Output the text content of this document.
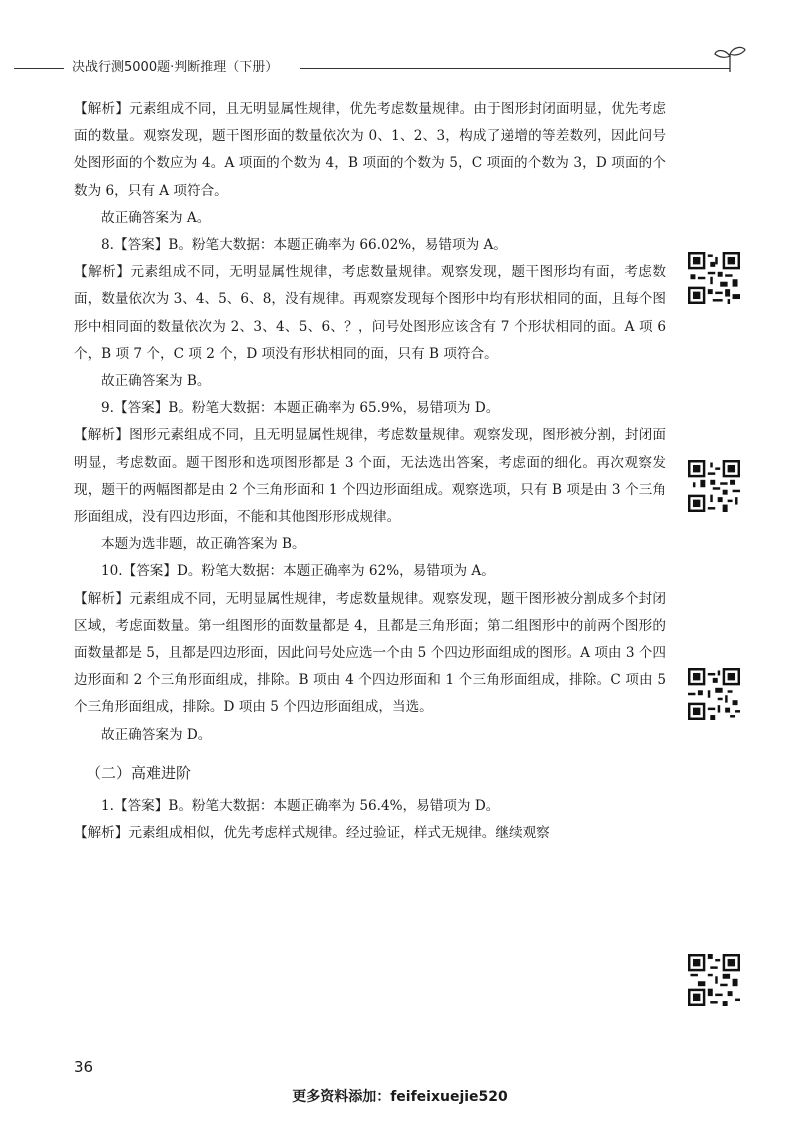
决战行测5000题·判断推理（下册）

【解析】元素组成不同，且无明显属性规律，优先考虑数量规律。由于图形封闭面明显，优先考虑面的数量。观察发现，题干图形面的数量依次为 0、1、2、3，构成了递增的等差数列，因此问号处图形面的个数应为 4。A 项面的个数为 4，B 项面的个数为 5，C 项面的个数为 3，D 项面的个数为 6，只有 A 项符合。

故正确答案为 A。

8.【答案】B。粉笔大数据：本题正确率为 66.02%，易错项为 A。

【解析】元素组成不同，无明显属性规律，考虑数量规律。观察发现，题干图形均有面，考虑数面，数量依次为 3、4、5、6、8，没有规律。再观察发现每个图形中均有形状相同的面，且每个图形中相同面的数量依次为 2、3、4、5、6、？，问号处图形应该含有 7 个形状相同的面。A 项 6 个，B 项 7 个，C 项 2 个，D 项没有形状相同的面，只有 B 项符合。

故正确答案为 B。

9.【答案】B。粉笔大数据：本题正确率为 65.9%，易错项为 D。

【解析】图形元素组成不同，且无明显属性规律，考虑数量规律。观察发现，图形被分割，封闭面明显，考虑数面。题干图形和选项图形都是 3 个面，无法选出答案，考虑面的细化。再次观察发现，题干的两幅图都是由 2 个三角形面和 1 个四边形面组成。观察选项，只有 B 项是由 3 个三角形面组成，没有四边形面，不能和其他图形形成规律。

本题为选非题，故正确答案为 B。

10.【答案】D。粉笔大数据：本题正确率为 62%，易错项为 A。

【解析】元素组成不同，无明显属性规律，考虑数量规律。观察发现，题干图形被分割成多个封闭区域，考虑面数量。第一组图形的面数量都是 4，且都是三角形面；第二组图形中的前两个图形的面数量都是 5，且都是四边形面，因此问号处应选一个由 5 个四边形面组成的图形。A 项由 3 个四边形面和 2 个三角形面组成，排除。B 项由 4 个四边形面和 1 个三角形面组成，排除。C 项由 5 个三角形面组成，排除。D 项由 5 个四边形面组成，当选。

故正确答案为 D。

（二）高难进阶

1.【答案】B。粉笔大数据：本题正确率为 56.4%，易错项为 D。

【解析】元素组成相似，优先考虑样式规律。经过验证，样式无规律。继续观察

36
更多资料添加：feifeixuejie520
